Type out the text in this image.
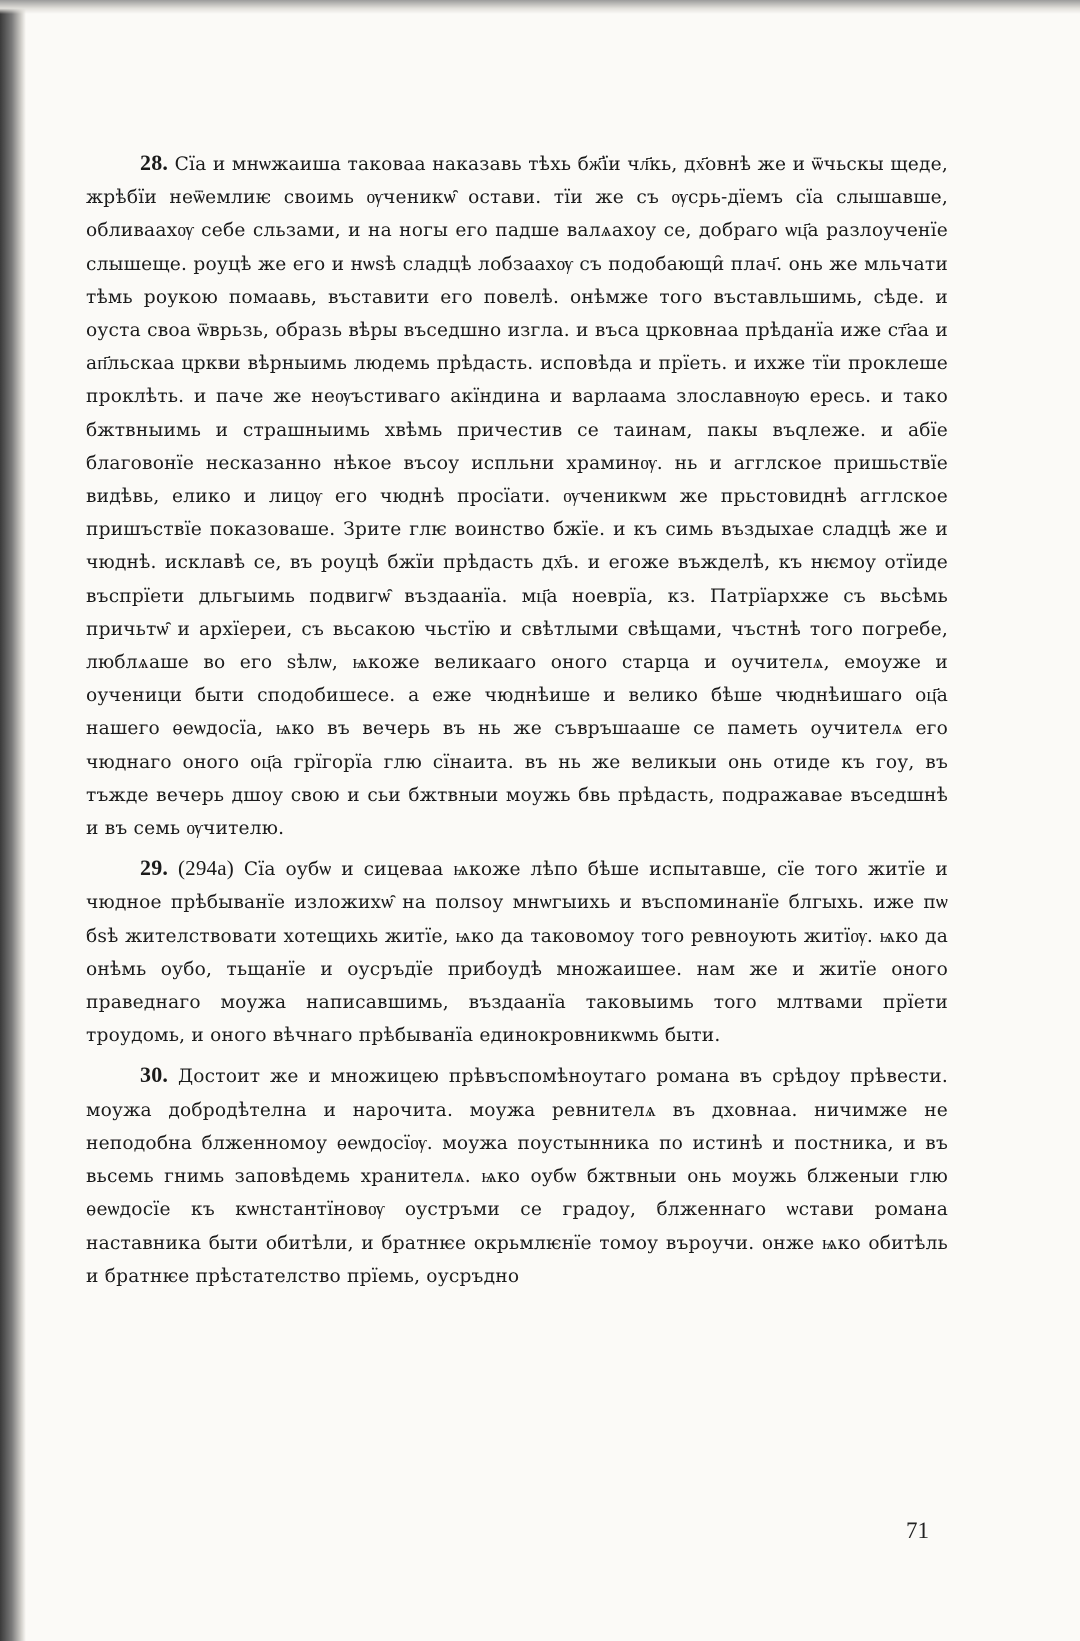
28. Сїа и мнѡжаиша таковаа наказавь тѣхь бж҃їи чл҃кь, дх҃овнѣ же и ѿчьскы щеде, жрѣбїи неѿемлиѥ своимь ѹченикѡ̑ остави. тїи же съ ѹсрь-дїемъ сїа слышавше, обливаахѹ себе сльзами, и на ногы его падше валѧахоу се, добраго ѡц҃а разлоученїе слышеще. роуцѣ же его и нѡѕѣ сладцѣ лобзаахѹ съ подобающи̑ плач҃. онь же мльчати тѣмь роукою помаавь, въставити его повелѣ. онѣмже того въставльшимь, сѣде. и оуста своа ѿврьзь, образь вѣры въседшно изгла. и въса црковнаа прѣданїа иже ст҃аа и ап҃льскаа цркви вѣрныимь людемь прѣдасть. исповѣда и прїеть. и ихже тїи проклеше проклѣть. и паче же неѹъстиваго акїндина и варлаама злославнѹю ересь. и тако бжтвныимь и страшныимь хвѣмь причестив се таинам, пакы въզлеже. и абїе благовонїе несказанно нѣкое въсоу испльни храминѹ. нь и агглское пришьствїе видѣвь, елико и лицѹ его чюднѣ просїати. ѹченикѡм же прьстовиднѣ агглское пришъствїе показоваше. Зрите глѥ воинство бжїе. и къ симь въздыхае сладцѣ же и чюднѣ. исклавѣ се, въ роуцѣ бжїи прѣдасть дх҃ь. и егоже въжделѣ, къ нѥмоу отїиде въспрїети дльгыимь подвигѡ̑ въздаанїа. мц҃а ноеврїа, кз. Патрїархже съ вьсѣмь причьтѡ̑ и архїереи, съ вьсакою чьстїю и свѣтлыми свѣщами, чъстнѣ того погребе, люблѧаше во его ѕѣлѡ, ѩкоже великааго оного старца и оучителѧ, емоуже и оученици быти сподобишесе. а еже чюднѣише и велико бѣше чюднѣишаго оц҃а нашего ѳеѡдосїа, ѩко въ вечерь въ нь же съвръшааше се паметь оучителѧ его чюднаго оного оц҃а грїгорїа глю сїнаита. въ нь же великыи онь отиде къ гоу, въ тъжде вечерь дшоу свою и сьи бжтвныи моужь бвь прѣдасть, подражавае въседшнѣ и въ семь ѹчителю.

29. (294a) Сїа оубѡ и сицеваа ѩкоже лѣпо бѣше испытавше, сїе того житїе и чюдное прѣбыванїе изложихѡ̑ на полѕоу мнѡгыихь и въспоминанїе блгыхь. иже пѡ бѕѣ жителствовати хотещихь житїе, ѩко да таковомоу того ревноують житїѹ. ѩко да онѣмь оубо, тьщанїе и оусръдїе прибоудѣ множаишее. нам же и житїе оного праведнаго моужа написавшимь, въздаанїа таковыимь того млтвами прїети троудомь, и оного вѣчнаго прѣбыванїа единокровникѡмь быти.

30. Достоит же и множицею прѣвъспомѣноутаго романа въ срѣдоу прѣвести. моужа добродѣтелна и нарочита. моужа ревнителѧ въ дховнаа. ничимже не неподобна блженномоу ѳеѡдосїѹ. моужа поустынника по истинѣ и постника, и въ вьсемь гнимь заповѣдемь хранителѧ. ѩко оубѡ бжтвныи онь моужь блженыи глю ѳеѡдосїе къ кѡнстантїновѹ оустръми се градоу, блженнаго ѡстави романа наставника быти обитѣли, и братнѥе окрьмлѥнїе томоу въроучи. онже ѩко обитѣль и братнѥе прѣстателство прїемь, оусръдно

71
